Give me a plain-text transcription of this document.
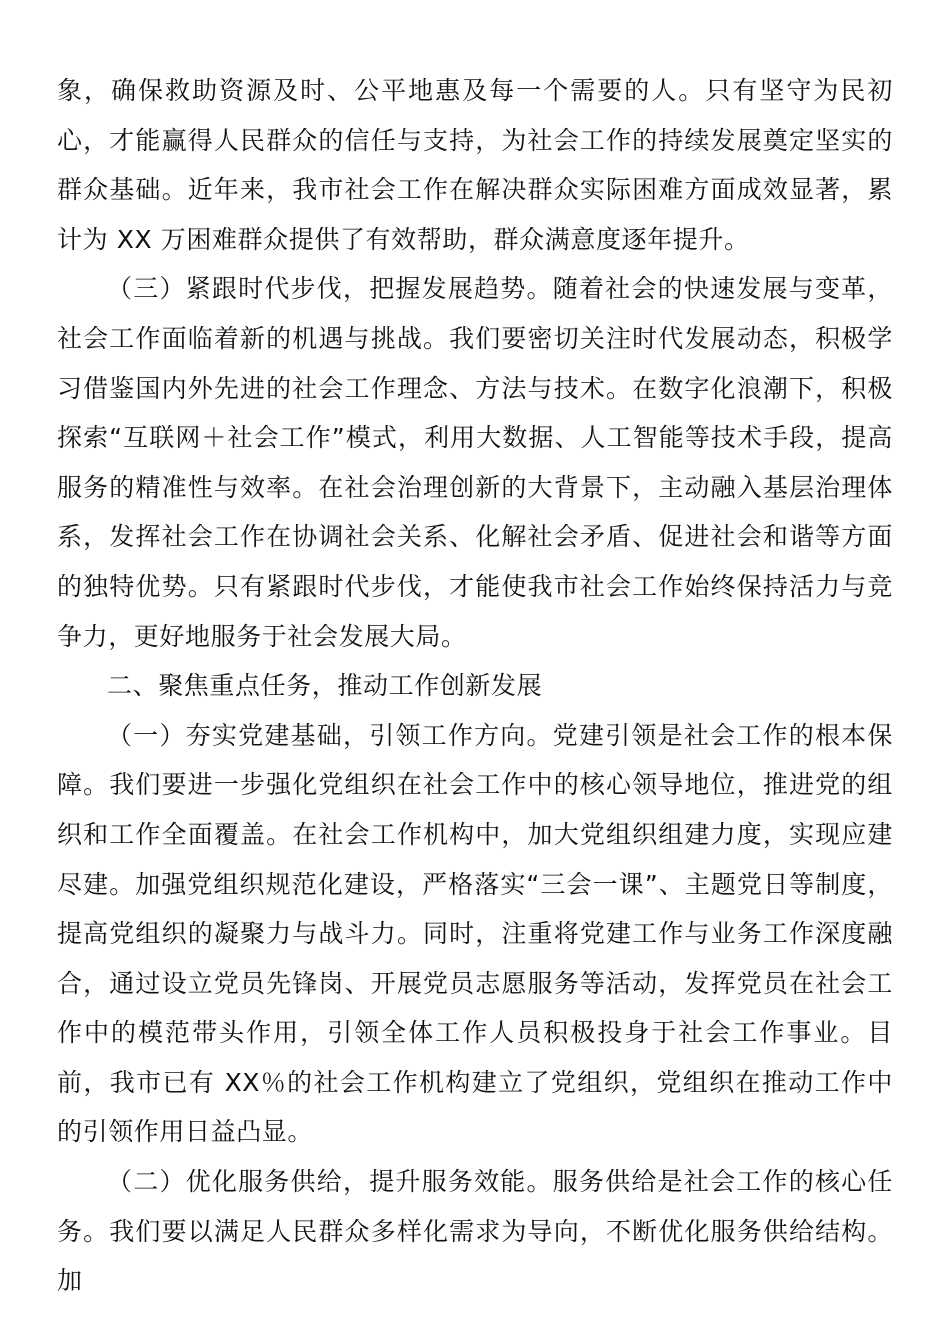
象，确保救助资源及时、公平地惠及每一个需要的人。只有坚守为民初心，才能赢得人民群众的信任与支持，为社会工作的持续发展奠定坚实的群众基础。近年来，我市社会工作在解决群众实际困难方面成效显著，累计为 XX 万困难群众提供了有效帮助，群众满意度逐年提升。

（三）紧跟时代步伐，把握发展趋势。随着社会的快速发展与变革，社会工作面临着新的机遇与挑战。我们要密切关注时代发展动态，积极学习借鉴国内外先进的社会工作理念、方法与技术。在数字化浪潮下，积极探索“互联网＋社会工作”模式，利用大数据、人工智能等技术手段，提高服务的精准性与效率。在社会治理创新的大背景下，主动融入基层治理体系，发挥社会工作在协调社会关系、化解社会矛盾、促进社会和谐等方面的独特优势。只有紧跟时代步伐，才能使我市社会工作始终保持活力与竞争力，更好地服务于社会发展大局。

二、聚焦重点任务，推动工作创新发展

（一）夯实党建基础，引领工作方向。党建引领是社会工作的根本保障。我们要进一步强化党组织在社会工作中的核心领导地位，推进党的组织和工作全面覆盖。在社会工作机构中，加大党组织组建力度，实现应建尽建。加强党组织规范化建设，严格落实“三会一课”、主题党日等制度，提高党组织的凝聚力与战斗力。同时，注重将党建工作与业务工作深度融合，通过设立党员先锋岗、开展党员志愿服务等活动，发挥党员在社会工作中的模范带头作用，引领全体工作人员积极投身于社会工作事业。目前，我市已有 XX％的社会工作机构建立了党组织，党组织在推动工作中的引领作用日益凸显。

（二）优化服务供给，提升服务效能。服务供给是社会工作的核心任务。我们要以满足人民群众多样化需求为导向，不断优化服务供给结构。加
